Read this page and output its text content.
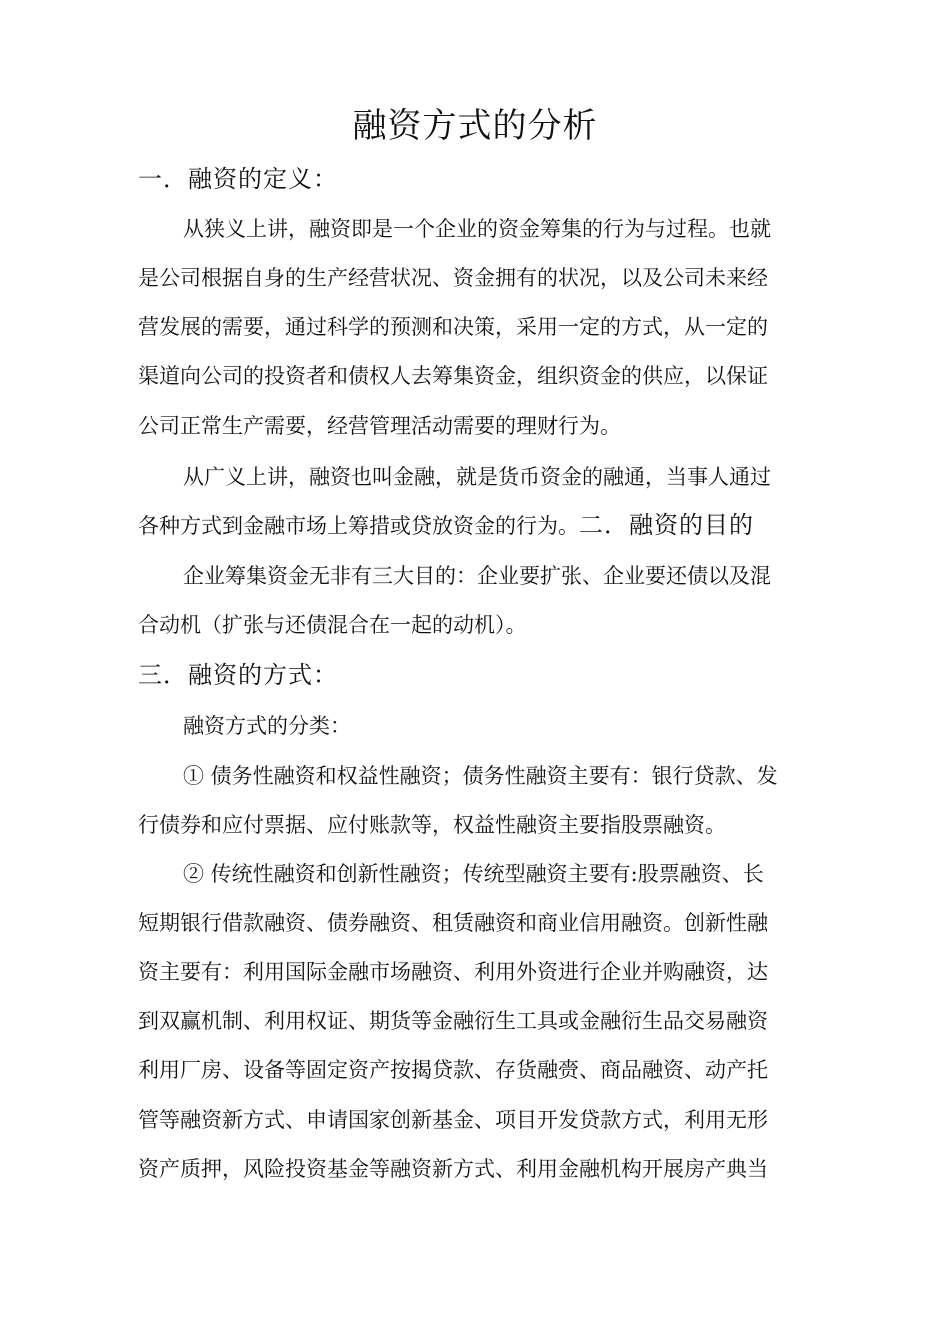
融资方式的分析
一．融资的定义：
从狭义上讲，融资即是一个企业的资金筹集的行为与过程。也就
是公司根据自身的生产经营状况、资金拥有的状况，以及公司未来经
营发展的需要，通过科学的预测和决策，采用一定的方式，从一定的
渠道向公司的投资者和债权人去筹集资金，组织资金的供应，以保证
公司正常生产需要，经营管理活动需要的理财行为。
从广义上讲，融资也叫金融，就是货币资金的融通，当事人通过
各种方式到金融市场上筹措或贷放资金的行为。二．融资的目的
企业筹集资金无非有三大目的：企业要扩张、企业要还债以及混
合动机（扩张与还债混合在一起的动机）。
三．融资的方式：
融资方式的分类：
① 债务性融资和权益性融资；债务性融资主要有：银行贷款、发
行债券和应付票据、应付账款等，权益性融资主要指股票融资。
② 传统性融资和创新性融资；传统型融资主要有:股票融资、长
短期银行借款融资、债券融资、租赁融资和商业信用融资。创新性融
资主要有：利用国际金融市场融资、利用外资进行企业并购融资，达
到双赢机制、利用权证、期货等金融衍生工具或金融衍生品交易融资
利用厂房、设备等固定资产按揭贷款、存货融赍、商品融资、动产托
管等融资新方式、申请国家创新基金、项目开发贷款方式，利用无形
资产质押，风险投资基金等融资新方式、利用金融机构开展房产典当
